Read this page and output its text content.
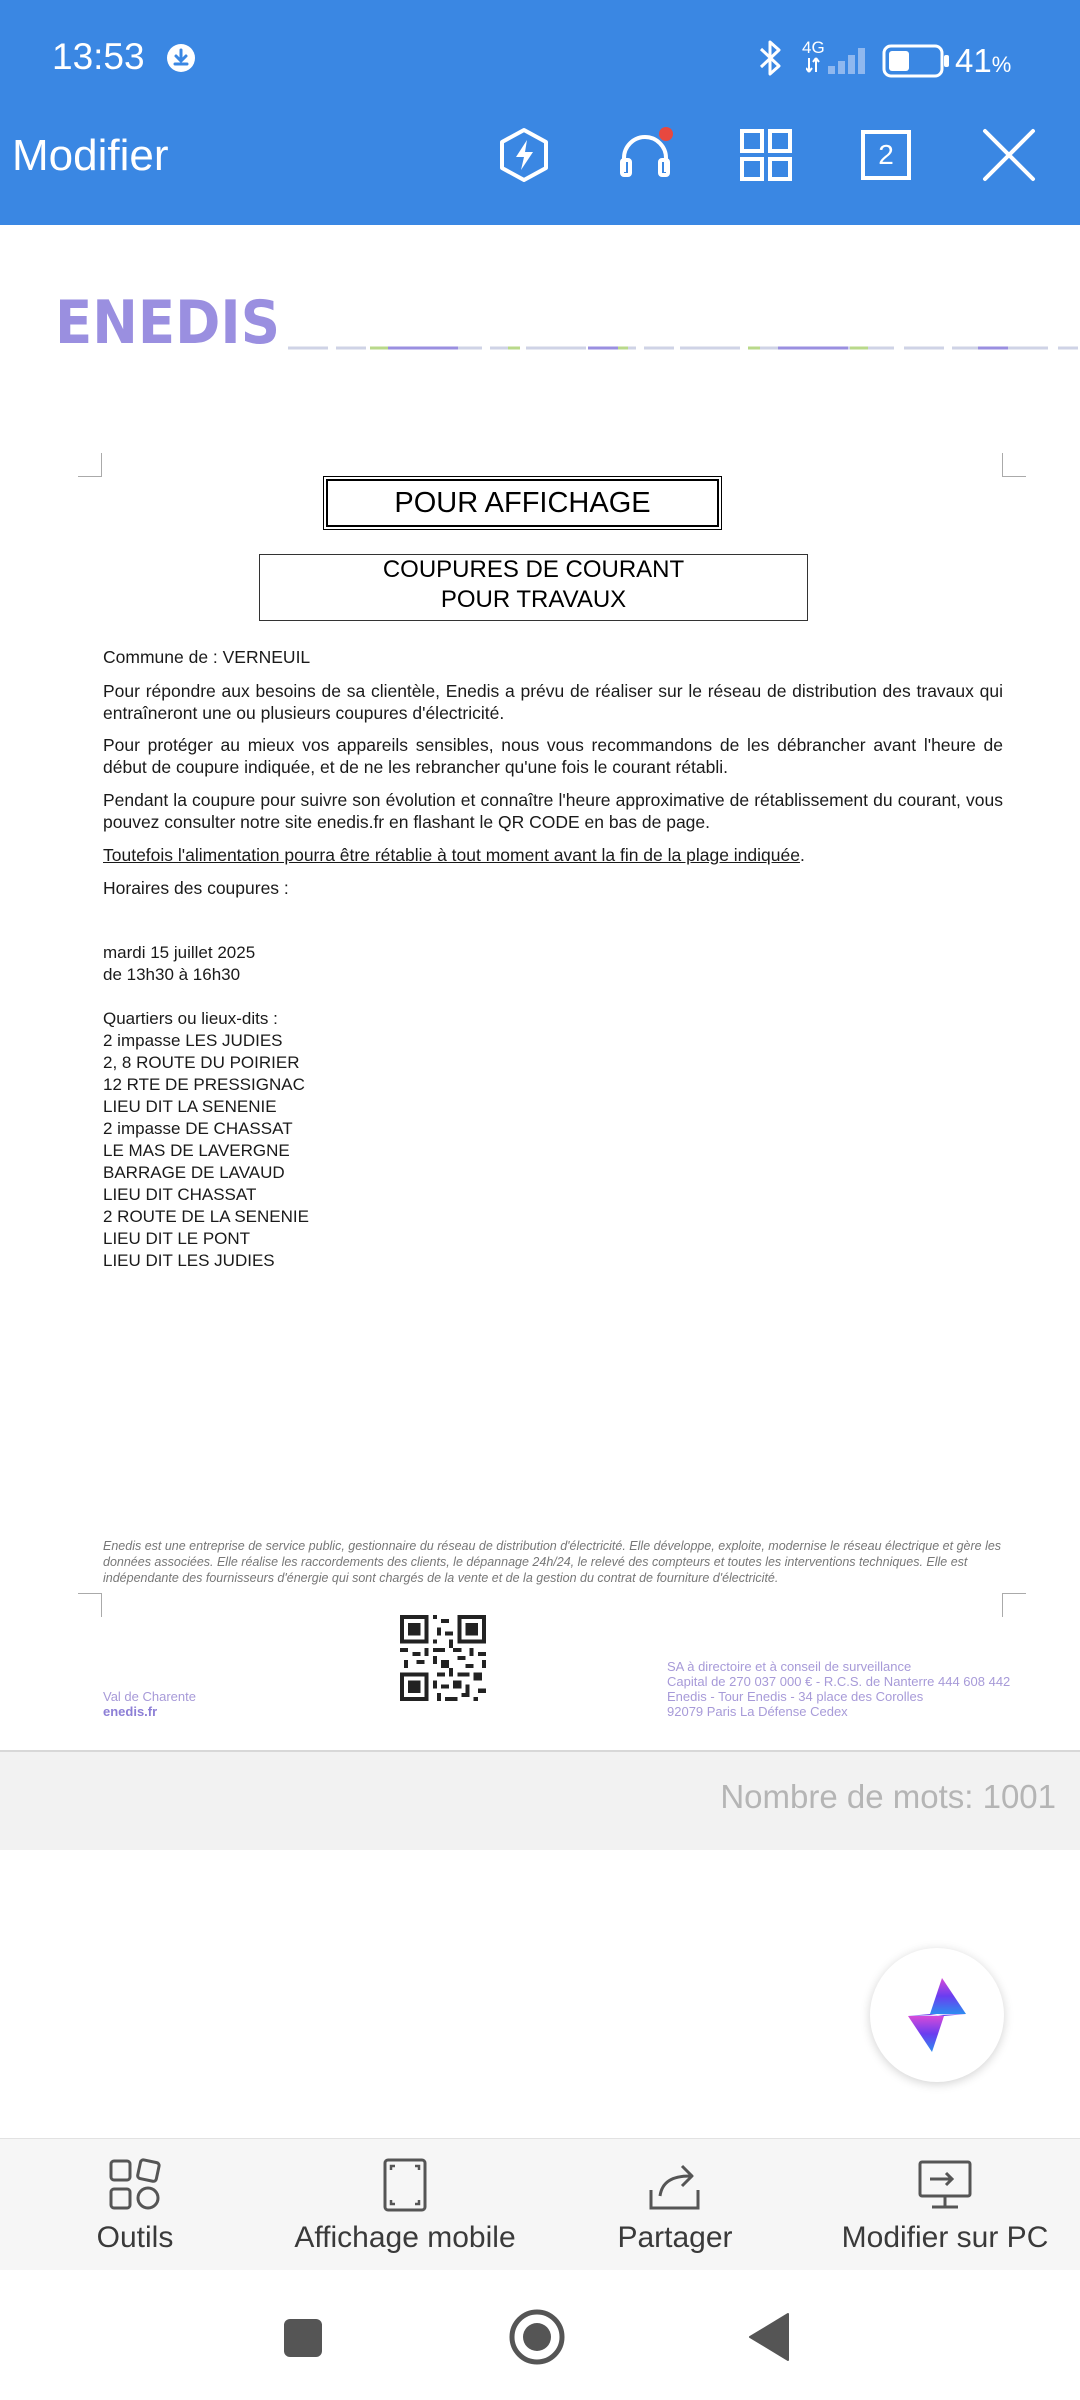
13:53	4G	41%
Modifier	2
ENEDIS
POUR AFFICHAGE
COUPURES DE COURANT
POUR TRAVAUX
Commune de : VERNEUIL
Pour répondre aux besoins de sa clientèle, Enedis a prévu de réaliser sur le réseau de distribution des travaux qui entraîneront une ou plusieurs coupures d'électricité.
Pour protéger au mieux vos appareils sensibles, nous vous recommandons de les débrancher avant l'heure de début de coupure indiquée, et de ne les rebrancher qu'une fois le courant rétabli.
Pendant la coupure pour suivre son évolution et connaître l'heure approximative de rétablissement du courant, vous pouvez consulter notre site enedis.fr en flashant le QR CODE en bas de page.
Toutefois l'alimentation pourra être rétablie à tout moment avant la fin de la plage indiquée.
Horaires des coupures :
mardi 15 juillet 2025
de 13h30 à 16h30
Quartiers ou lieux-dits :
2 impasse LES JUDIES
2, 8 ROUTE DU POIRIER
12 RTE DE PRESSIGNAC
LIEU DIT LA SENENIE
2 impasse DE CHASSAT
LE MAS DE LAVERGNE
BARRAGE DE LAVAUD
LIEU DIT CHASSAT
2 ROUTE DE LA SENENIE
LIEU DIT LE PONT
LIEU DIT LES JUDIES
Enedis est une entreprise de service public, gestionnaire du réseau de distribution d'électricité. Elle développe, exploite, modernise le réseau électrique et gère les données associées. Elle réalise les raccordements des clients, le dépannage 24h/24, le relevé des compteurs et toutes les interventions techniques. Elle est indépendante des fournisseurs d'énergie qui sont chargés de la vente et de la gestion du contrat de fourniture d'électricité.
Val de Charente
enedis.fr
SA à directoire et à conseil de surveillance
Capital de 270 037 000 € - R.C.S. de Nanterre 444 608 442
Enedis - Tour Enedis - 34 place des Corolles
92079 Paris La Défense Cedex
Nombre de mots: 1001
Outils	Affichage mobile	Partager	Modifier sur PC
